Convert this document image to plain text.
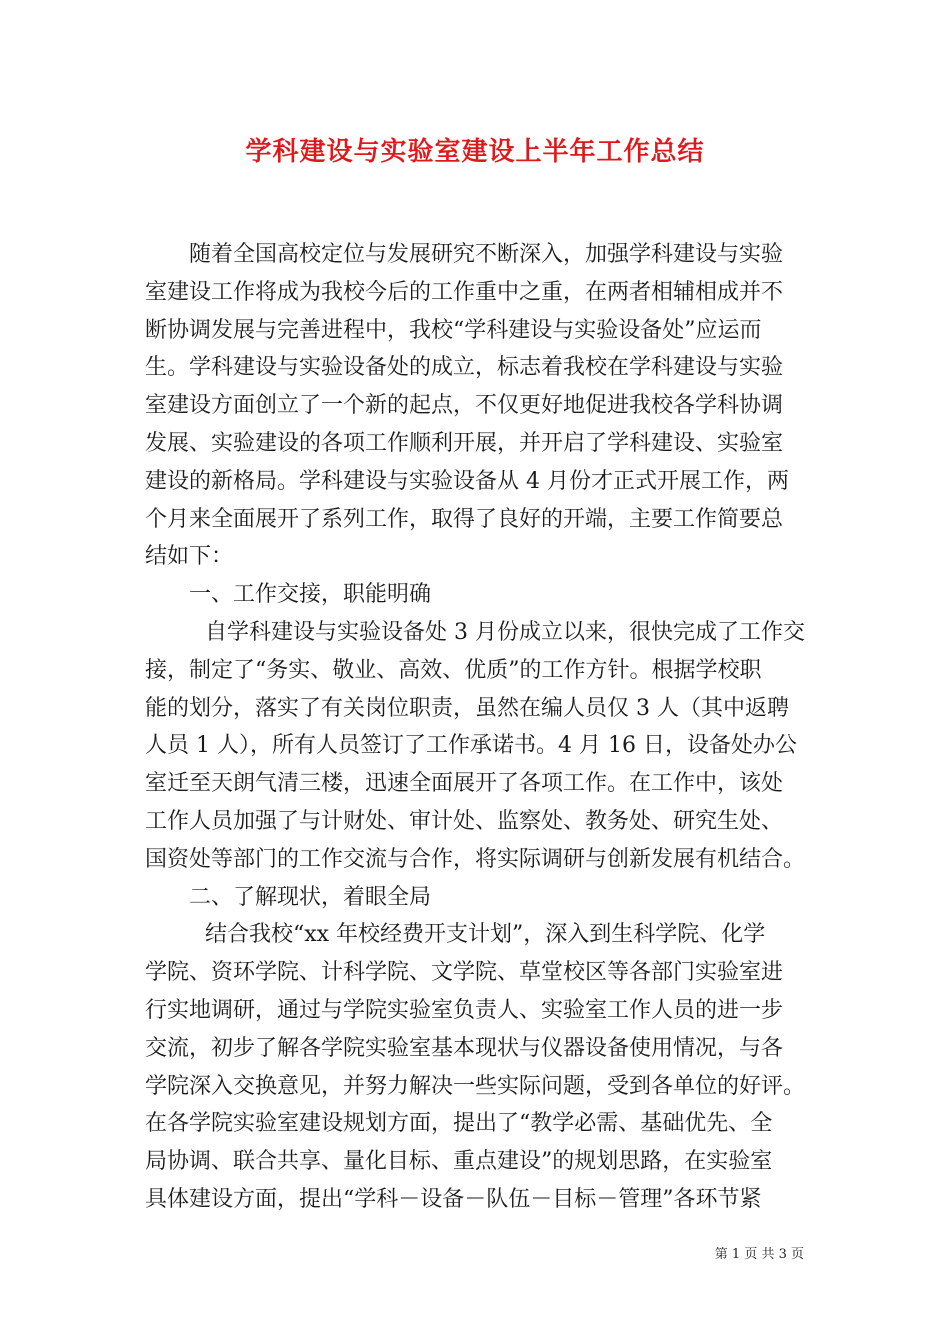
学科建设与实验室建设上半年工作总结
随着全国高校定位与发展研究不断深入，加强学科建设与实验
室建设工作将成为我校今后的工作重中之重，在两者相辅相成并不
断协调发展与完善进程中，我校“学科建设与实验设备处”应运而
生。学科建设与实验设备处的成立，标志着我校在学科建设与实验
室建设方面创立了一个新的起点，不仅更好地促进我校各学科协调
发展、实验建设的各项工作顺利开展，并开启了学科建设、实验室
建设的新格局。学科建设与实验设备从 4 月份才正式开展工作，两
个月来全面展开了系列工作，取得了良好的开端，主要工作简要总
结如下：
一、工作交接，职能明确
自学科建设与实验设备处 3 月份成立以来，很快完成了工作交
接，制定了“务实、敬业、高效、优质”的工作方针。根据学校职
能的划分，落实了有关岗位职责，虽然在编人员仅 3 人（其中返聘
人员 1 人），所有人员签订了工作承诺书。4 月 16 日，设备处办公
室迁至天朗气清三楼，迅速全面展开了各项工作。在工作中，该处
工作人员加强了与计财处、审计处、监察处、教务处、研究生处、
国资处等部门的工作交流与合作，将实际调研与创新发展有机结合。
二、了解现状，着眼全局
结合我校“xx 年校经费开支计划”，深入到生科学院、化学
学院、资环学院、计科学院、文学院、草堂校区等各部门实验室进
行实地调研，通过与学院实验室负责人、实验室工作人员的进一步
交流，初步了解各学院实验室基本现状与仪器设备使用情况，与各
学院深入交换意见，并努力解决一些实际问题，受到各单位的好评。
在各学院实验室建设规划方面，提出了“教学必需、基础优先、全
局协调、联合共享、量化目标、重点建设”的规划思路，在实验室
具体建设方面，提出“学科－设备－队伍－目标－管理”各环节紧
第 1 页 共 3 页
